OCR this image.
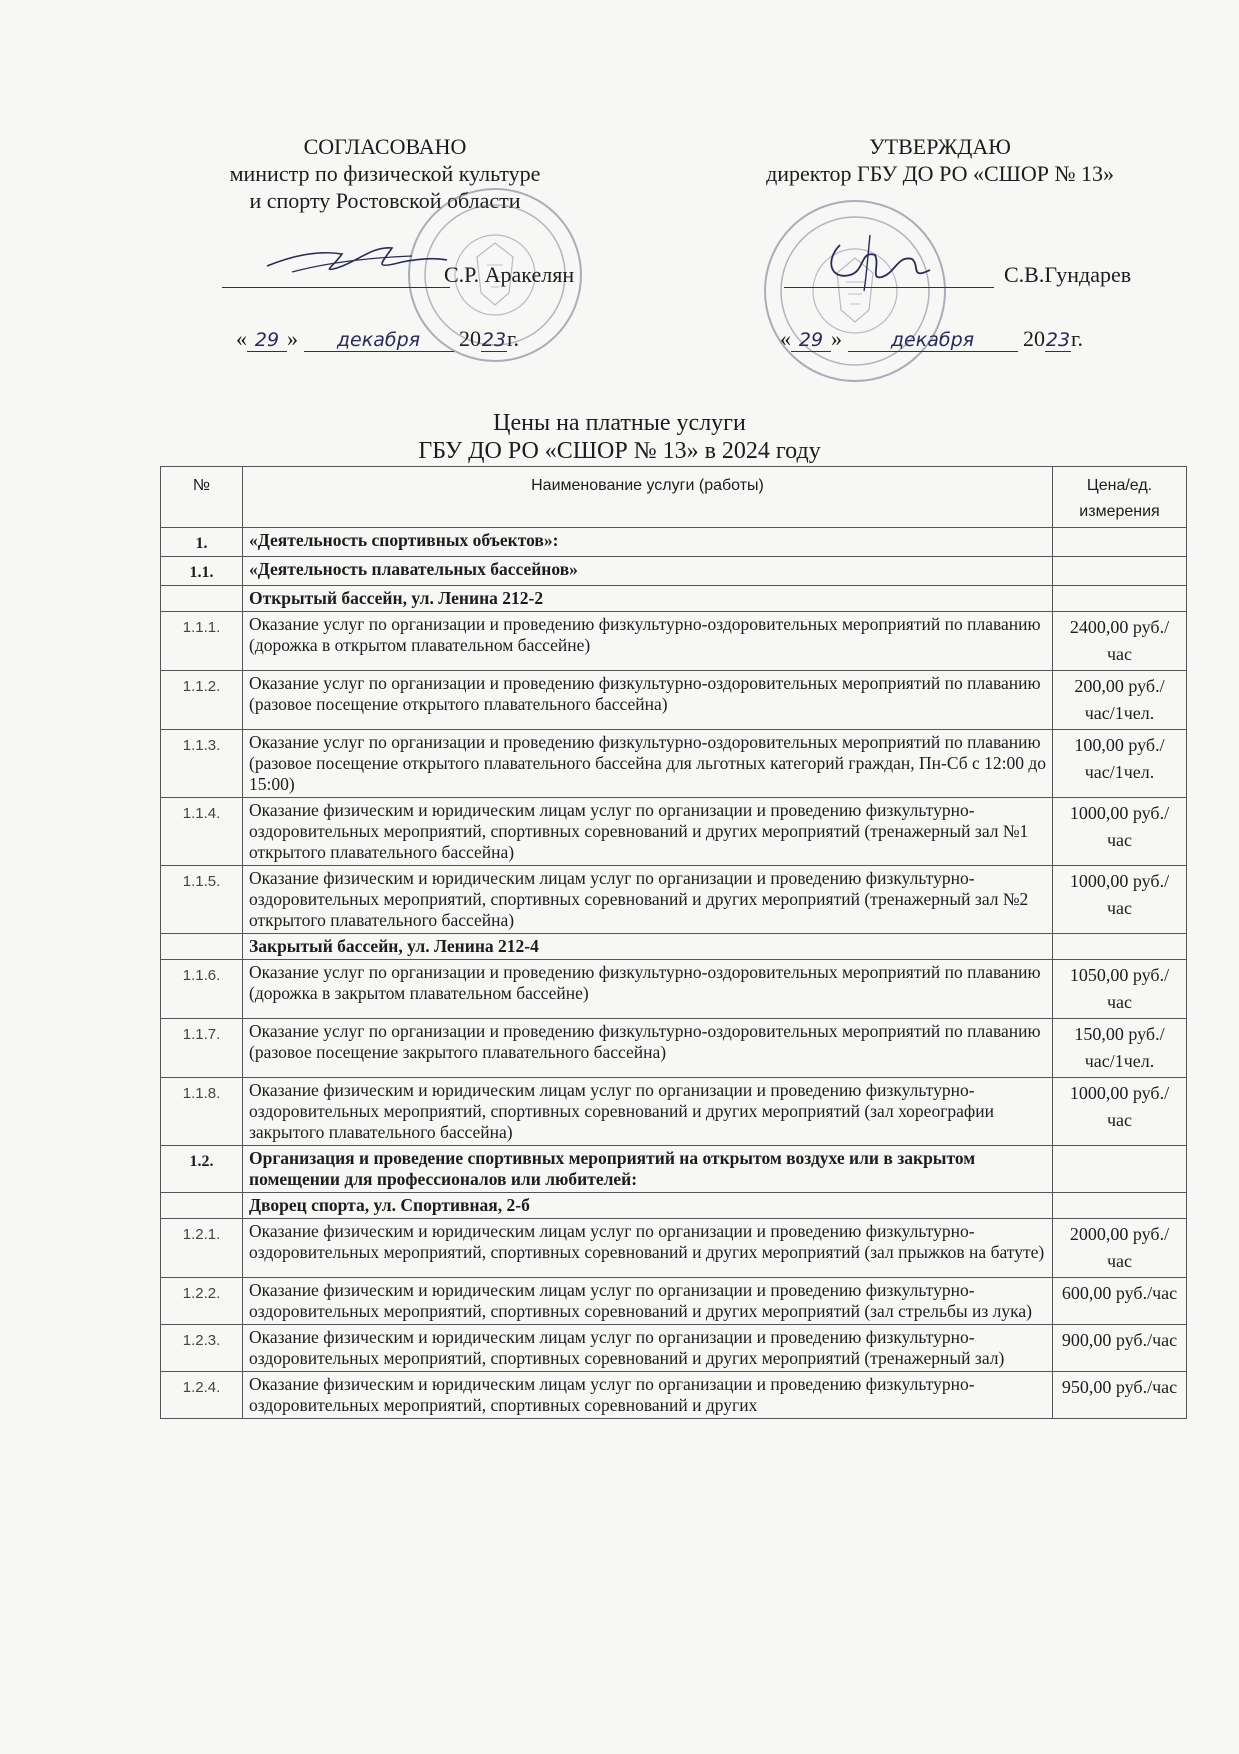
СОГЛАСОВАНО
министр по физической культуре
и спорту Ростовской области
С.Р. Аракелян
« 29 » декабря 2023г.
УТВЕРЖДАЮ
директор ГБУ ДО РО «СШОР № 13»
С.В.Гундарев
« 29 »	декабря 2023г.
Цены на платные услуги
ГБУ ДО РО «СШОР № 13» в 2024 году
№	Наименование услуги (работы)	Цена/ед. измерения
1.	«Деятельность спортивных объектов»:	
1.1.	«Деятельность плавательных бассейнов»	
	Открытый бассейн, ул. Ленина 212-2	
1.1.1.	Оказание услуг по организации и проведению физкультурно-оздоровительных мероприятий по плаванию (дорожка в открытом плавательном бассейне)	2400,00 руб./час
1.1.2.	Оказание услуг по организации и проведению физкультурно-оздоровительных мероприятий по плаванию (разовое посещение открытого плавательного бассейна)	200,00 руб./ час/1чел.
1.1.3.	Оказание услуг по организации и проведению физкультурно-оздоровительных мероприятий по плаванию (разовое посещение открытого плавательного бассейна для льготных категорий граждан, Пн-Сб с 12:00 до 15:00)	100,00 руб./ час/1чел.
1.1.4.	Оказание физическим и юридическим лицам услуг по организации и проведению физкультурно-оздоровительных мероприятий, спортивных соревнований и других мероприятий (тренажерный зал №1 открытого плавательного бассейна)	1000,00 руб./час
1.1.5.	Оказание физическим и юридическим лицам услуг по организации и проведению физкультурно-оздоровительных мероприятий, спортивных соревнований и других мероприятий (тренажерный зал №2 открытого плавательного бассейна)	1000,00 руб./час
	Закрытый бассейн, ул. Ленина 212-4	
1.1.6.	Оказание услуг по организации и проведению физкультурно-оздоровительных мероприятий по плаванию (дорожка в закрытом плавательном бассейне)	1050,00 руб./час
1.1.7.	Оказание услуг по организации и проведению физкультурно-оздоровительных мероприятий по плаванию (разовое посещение закрытого плавательного бассейна)	150,00 руб./ час/1чел.
1.1.8.	Оказание физическим и юридическим лицам услуг по организации и проведению физкультурно-оздоровительных мероприятий, спортивных соревнований и других мероприятий (зал хореографии закрытого плавательного бассейна)	1000,00 руб./час
1.2.	Организация и проведение спортивных мероприятий на открытом воздухе или в закрытом помещении для профессионалов или любителей:	
	Дворец спорта, ул. Спортивная, 2-б	
1.2.1.	Оказание физическим и юридическим лицам услуг по организации и проведению физкультурно-оздоровительных мероприятий, спортивных соревнований и других мероприятий (зал прыжков на батуте)	2000,00 руб./час
1.2.2.	Оказание физическим и юридическим лицам услуг по организации и проведению физкультурно-оздоровительных мероприятий, спортивных соревнований и других мероприятий (зал стрельбы из лука)	600,00 руб./час
1.2.3.	Оказание физическим и юридическим лицам услуг по организации и проведению физкультурно-оздоровительных мероприятий, спортивных соревнований и других мероприятий (тренажерный зал)	900,00 руб./час
1.2.4.	Оказание физическим и юридическим лицам услуг по организации и проведению физкультурно-оздоровительных мероприятий, спортивных соревнований и других	950,00 руб./час
